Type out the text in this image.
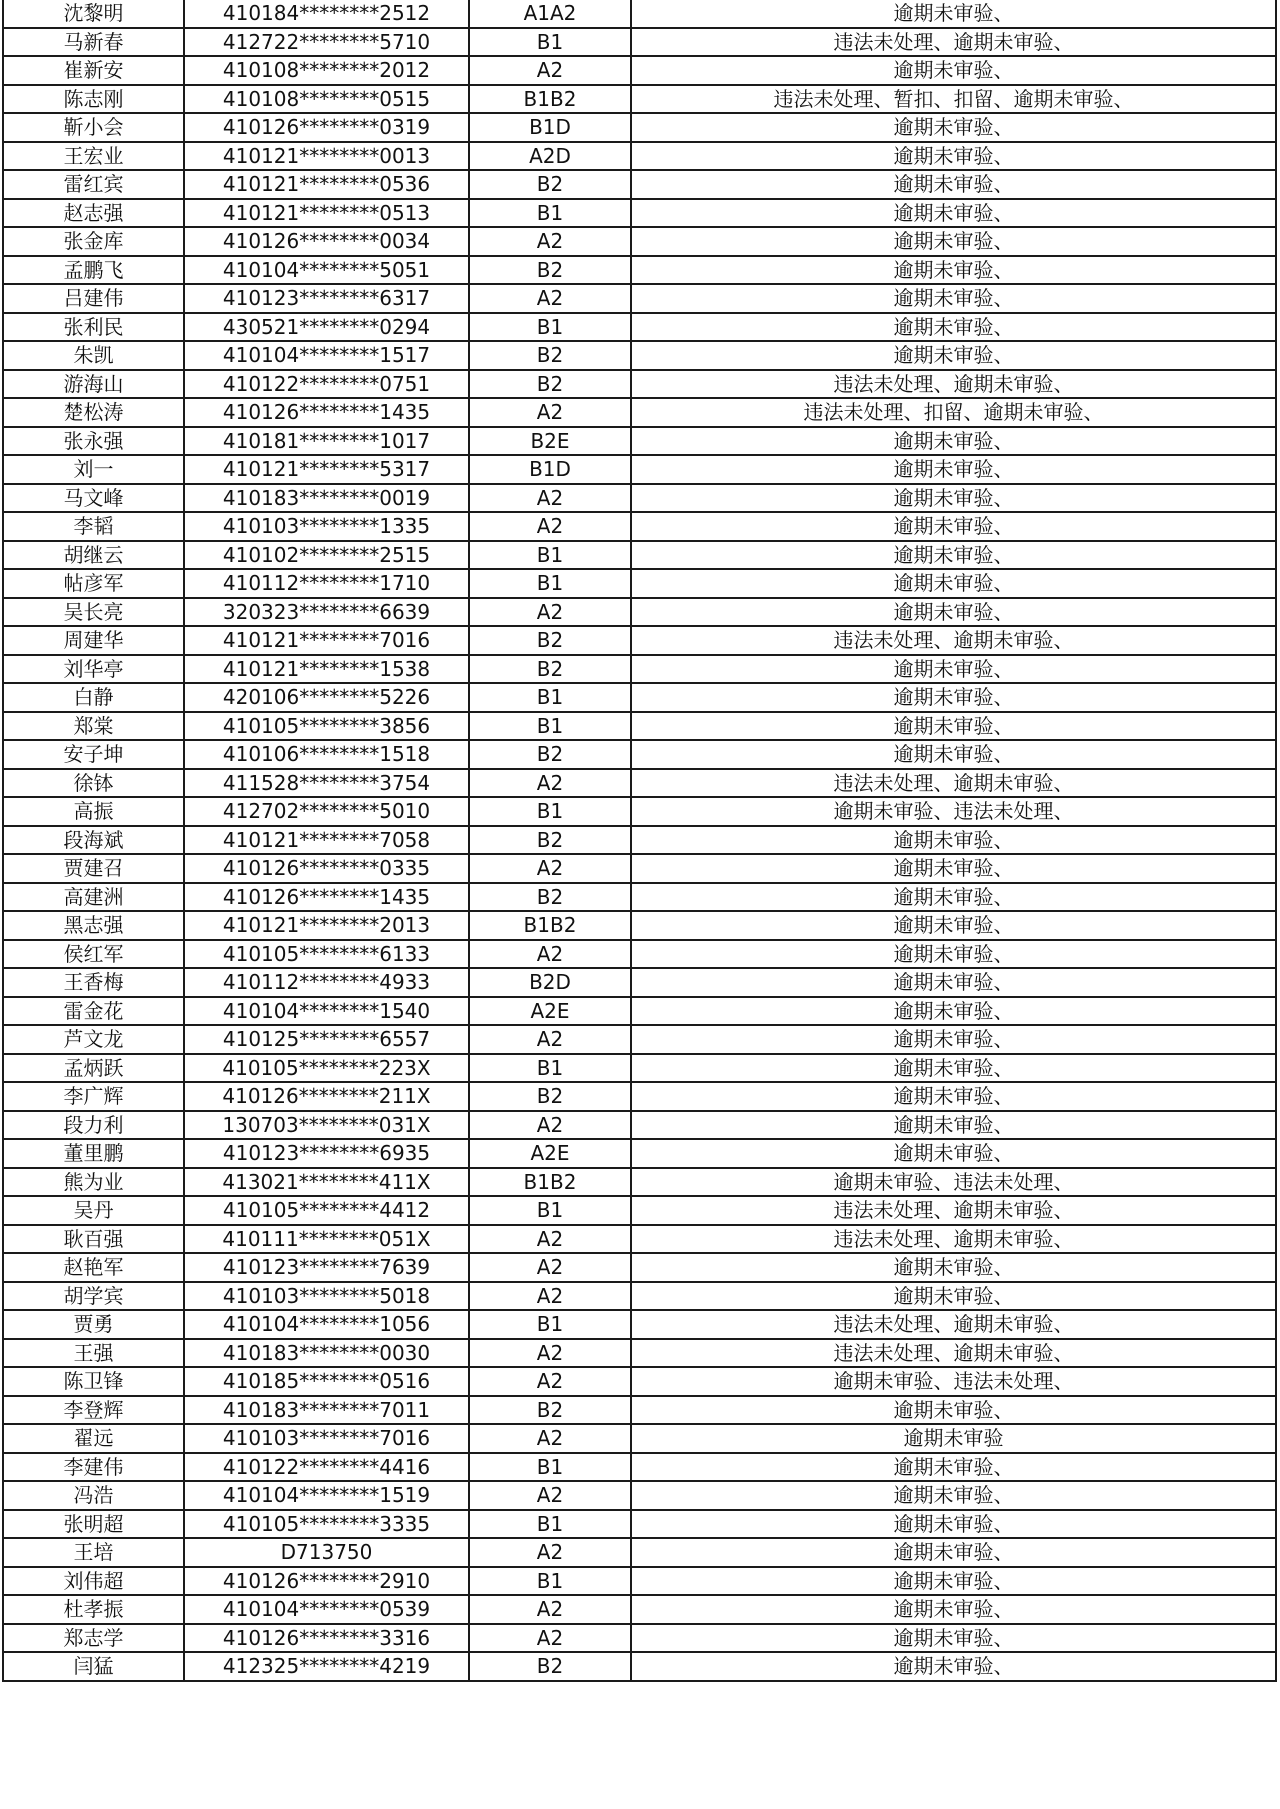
沈黎明	410184********2512	A1A2	逾期未审验、
马新春	412722********5710	B1	违法未处理、逾期未审验、
崔新安	410108********2012	A2	逾期未审验、
陈志刚	410108********0515	B1B2	违法未处理、暂扣、扣留、逾期未审验、
靳小会	410126********0319	B1D	逾期未审验、
王宏业	410121********0013	A2D	逾期未审验、
雷红宾	410121********0536	B2	逾期未审验、
赵志强	410121********0513	B1	逾期未审验、
张金库	410126********0034	A2	逾期未审验、
孟鹏飞	410104********5051	B2	逾期未审验、
吕建伟	410123********6317	A2	逾期未审验、
张利民	430521********0294	B1	逾期未审验、
朱凯	410104********1517	B2	逾期未审验、
游海山	410122********0751	B2	违法未处理、逾期未审验、
楚松涛	410126********1435	A2	违法未处理、扣留、逾期未审验、
张永强	410181********1017	B2E	逾期未审验、
刘一	410121********5317	B1D	逾期未审验、
马文峰	410183********0019	A2	逾期未审验、
李韬	410103********1335	A2	逾期未审验、
胡继云	410102********2515	B1	逾期未审验、
帖彦军	410112********1710	B1	逾期未审验、
吴长亮	320323********6639	A2	逾期未审验、
周建华	410121********7016	B2	违法未处理、逾期未审验、
刘华亭	410121********1538	B2	逾期未审验、
白静	420106********5226	B1	逾期未审验、
郑棠	410105********3856	B1	逾期未审验、
安子坤	410106********1518	B2	逾期未审验、
徐钵	411528********3754	A2	违法未处理、逾期未审验、
高振	412702********5010	B1	逾期未审验、违法未处理、
段海斌	410121********7058	B2	逾期未审验、
贾建召	410126********0335	A2	逾期未审验、
高建洲	410126********1435	B2	逾期未审验、
黑志强	410121********2013	B1B2	逾期未审验、
侯红军	410105********6133	A2	逾期未审验、
王香梅	410112********4933	B2D	逾期未审验、
雷金花	410104********1540	A2E	逾期未审验、
芦文龙	410125********6557	A2	逾期未审验、
孟炳跃	410105********223X	B1	逾期未审验、
李广辉	410126********211X	B2	逾期未审验、
段力利	130703********031X	A2	逾期未审验、
董里鹏	410123********6935	A2E	逾期未审验、
熊为业	413021********411X	B1B2	逾期未审验、违法未处理、
吴丹	410105********4412	B1	违法未处理、逾期未审验、
耿百强	410111********051X	A2	违法未处理、逾期未审验、
赵艳军	410123********7639	A2	逾期未审验、
胡学宾	410103********5018	A2	逾期未审验、
贾勇	410104********1056	B1	违法未处理、逾期未审验、
王强	410183********0030	A2	违法未处理、逾期未审验、
陈卫锋	410185********0516	A2	逾期未审验、违法未处理、
李登辉	410183********7011	B2	逾期未审验、
翟远	410103********7016	A2	逾期未审验
李建伟	410122********4416	B1	逾期未审验、
冯浩	410104********1519	A2	逾期未审验、
张明超	410105********3335	B1	逾期未审验、
王培	D713750	A2	逾期未审验、
刘伟超	410126********2910	B1	逾期未审验、
杜孝振	410104********0539	A2	逾期未审验、
郑志学	410126********3316	A2	逾期未审验、
闫猛	412325********4219	B2	逾期未审验、
